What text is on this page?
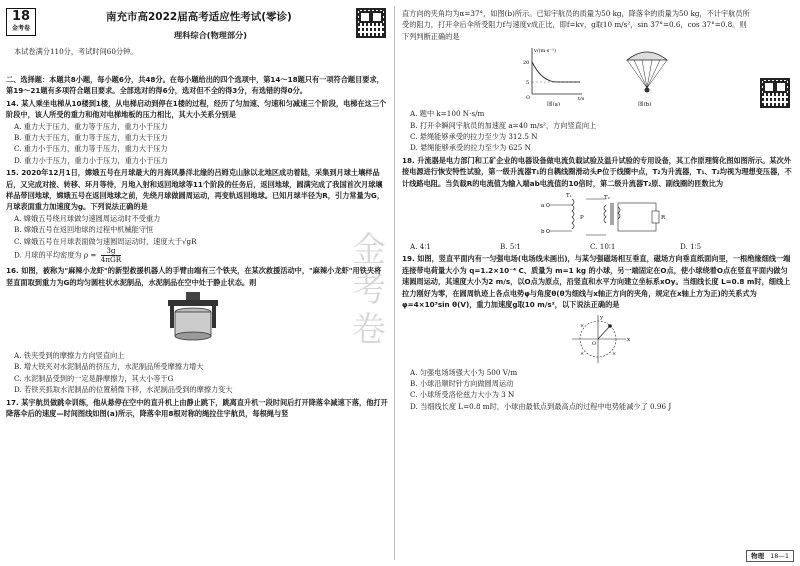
18
金考卷
南充市高2022届高考适应性考试(零诊)
理科综合(物理部分)

本试卷满分110分，考试时间60分钟。

二、选择题：本题共8小题，每小题6分，共48分。在每小题给出的四个选项中，第14～18题只有一项符合题目要求，第19～21题有多项符合题目要求。全部选对的得6分，选对但不全的得3分，有选错的得0分。

14. 某人乘坐电梯从10楼到1楼，从电梯启动到停在1楼的过程，经历了匀加速、匀速和匀减速三个阶段，电梯在这三个阶段中，该人所受的重力和他对电梯地板的压力相比，其大小关系分别是

A. 重力大于压力，重力等于压力，重力小于压力

B. 重力大于压力，重力等于压力，重力大于压力

C. 重力小于压力，重力等于压力，重力大于压力

D. 重力小于压力，重力小于压力，重力小于压力

15. 2020年12月1日，嫦娥五号在月球最大的月海风暴洋北缘的吕姆克山脉以北地区成功着陆，采集到月球土壤样品后，又完成对接、转移、环月等待，月地入射和返回地球等11个阶段的任务后，返回地球，圆满完成了我国首次月球壤样品带回地球，嫦娥五号在返回地球之前，先绕月球做圆周运动，再变轨返回地球。已知月球半径为R，引力常量为G，月球表面重力加速度为g。下列说法正确的是

A. 嫦娥五号绕月球做匀速圆周运动时不受重力

B. 嫦娥五号在返回地球的过程中机械能守恒

C. 嫦娥五号在月球表面做匀速圆周运动时，速度大于√gR

D. 月球的平均密度为 ρ =	3g
4πGR

16. 如图，被称为"麻辣小龙虾"的新型救援机器人的手臂由端有三个铁夹，在某次救援活动中，"麻辣小龙虾"用铁夹将竖直面取到重力为G的均匀圆柱状水泥制品，水泥制品在空中处于静止状态。则

A. 铁夹受到的摩擦力方向竖直向上

B. 增大铁夹对水泥制品的挤压力，水泥制品所受摩擦力增大

C. 水泥制品受到的一定是静摩擦力，其大小等于G

D. 若铁夹抓取水泥制品的位置稍微下移，水泥制品受到的摩擦力变大

17. 某宇航员做跳伞训练，他从悬停在空中的直升机上由静止跳下，跳离直升机一段时间后打开降落伞减速下落，他打开降落伞后的速度—时间图线如图(a)所示，降落伞用8根对称的绳拉住宇航员，每根绳与竖

金考卷

直方向的夹角均为α=37°，如图(b)所示。已知宇航员的质量为50 kg，降落伞的质量为50 kg，不计宇航员所受的阻力，打开伞后伞所受阻力f与速度v成正比，即f=kv，g取10 m/s²，sin 37°=0.6，cos 37°=0.8。则下列判断正确的是

v/(m·s⁻¹)
t/s
20
5
O
图(a)	图(b)

A. 题中 k=100 N·s/m

B. 打开伞瞬间宇航员的加速度 a=40 m/s²，方向竖直向上

C. 悬绳能够承受的拉力至少为 312.5 N

D. 悬绳能够承受的拉力至少为 625 N

18. 升流器是电力部门和工矿企业的电器设备做电流负载试验及温升试验的专用设备，其工作原理简化图如图所示。某次外接电源进行恢安特性试验，第一级升流器T₁的自耦线圈滑动头P位于线圈中点，T₂为升流器，T₁、T₂均视为理想变压器，不计线路电阻。当负载R的电流值为输入端ab电流值的10倍时，第二级升流器T₂原、副线圈的匝数比为

a
b
T₁
P
T₂
R

A. 4∶1	B. 5∶1	C. 10∶1	D. 1∶5

19. 如图，竖直平面内有一匀强电场(电场线未画出)，与某匀强磁场相互垂直，磁场方向垂直纸面向里，一根绝缘细线一端连接带电荷量大小为 q=1.2×10⁻⁴ C、质量为 m=1 kg 的小球，另一端固定在O点，使小球绕着O点在竖直平面内做匀速圆周运动，其速度大小为2 m/s，以O点为原点，沿竖直和水平方向建立坐标系xOy。当细线长度 L=0.8 m时，细线上拉力刚好为零，在圆周轨迹上各点电势φ与角度θ(θ为细线与x轴正方向的夹角，规定在x轴上方为正)的关系式为 φ=4×10³sin θ(V)，重力加速度g取10 m/s²，以下说法正确的是

x
y
O
×
×
×

A. 匀强电场场强大小为 500 V/m

B. 小球沿顺时针方向做圆周运动

C. 小球所受洛伦兹力大小为 3 N

D. 当细线长度 L=0.8 m时，小球由最低点到最高点的过程中电势能减少了 0.96 J

物理 18—1
